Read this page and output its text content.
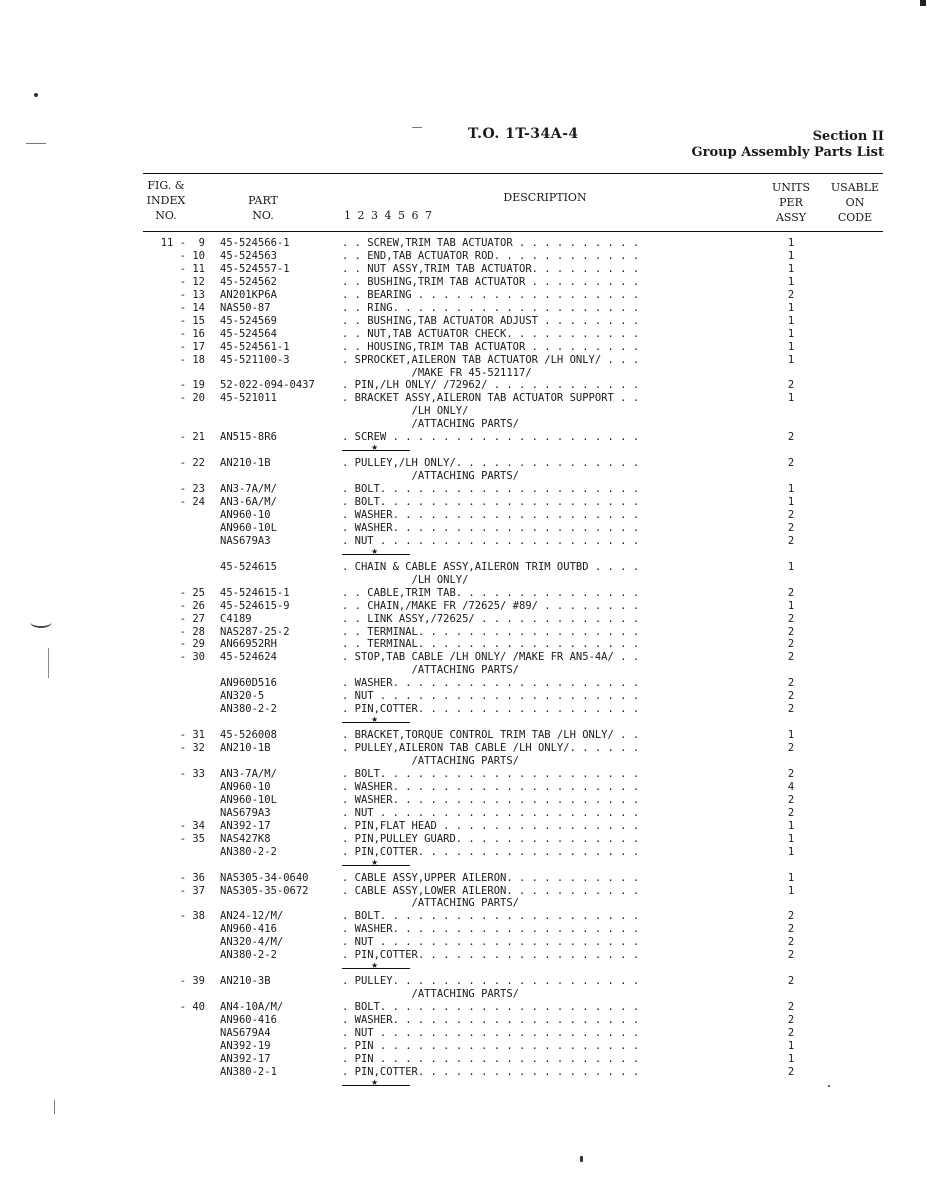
T.O. 1T-34A-4	Section II
Group Assembly Parts List
FIG. &
INDEX
NO.
PART
NO.
DESCRIPTION
1 2 3 4 5 6 7
UNITS
PER
ASSY
USABLE
ON
CODE
11 -  9 45-524566-1	. . SCREW,TRIM TAB ACTUATOR . . . . . . . . . .	1
- 10 45-524563	. . END,TAB ACTUATOR ROD. . . . . . . . . . . .	1
- 11 45-524557-1	. . NUT ASSY,TRIM TAB ACTUATOR. . . . . . . . .	1
- 12 45-524562	. . BUSHING,TRIM TAB ACTUATOR . . . . . . . . .	1
- 13 AN201KP6A	. . BEARING . . . . . . . . . . . . . . . . . .	2
- 14 NAS50-87	. . RING. . . . . . . . . . . . . . . . . . . .	1
- 15 45-524569	. . BUSHING,TAB ACTUATOR ADJUST . . . . . . . .	1
- 16 45-524564	. . NUT,TAB ACTUATOR CHECK. . . . . . . . . . .	1
- 17 45-524561-1	. . HOUSING,TRIM TAB ACTUATOR . . . . . . . . .	1
- 18 45-521100-3	. SPROCKET,AILERON TAB ACTUATOR /LH ONLY/ . . .	1
/MAKE FR 45-521117/
- 19 52-022-094-0437	. PIN,/LH ONLY/ /72962/ . . . . . . . . . . . .	2
- 20 45-521011	. BRACKET ASSY,AILERON TAB ACTUATOR SUPPORT . .	1
/LH ONLY/
/ATTACHING PARTS/
- 21 AN515-8R6	. SCREW . . . . . . . . . . . . . . . . . . . .	2
★
- 22 AN210-1B	. PULLEY,/LH ONLY/. . . . . . . . . . . . . . .	2
/ATTACHING PARTS/
- 23 AN3-7A/M/	. BOLT. . . . . . . . . . . . . . . . . . . . .	1
- 24 AN3-6A/M/	. BOLT. . . . . . . . . . . . . . . . . . . . .	1
AN960-10	. WASHER. . . . . . . . . . . . . . . . . . . .	2
AN960-10L	. WASHER. . . . . . . . . . . . . . . . . . . .	2
NAS679A3	. NUT . . . . . . . . . . . . . . . . . . . . .	2
★
45-524615	. CHAIN & CABLE ASSY,AILERON TRIM OUTBD . . . .	1
/LH ONLY/
- 25 45-524615-1	. . CABLE,TRIM TAB. . . . . . . . . . . . . . .	2
- 26 45-524615-9	. . CHAIN,/MAKE FR /72625/ #89/ . . . . . . . .	1
- 27 C4189	. . LINK ASSY,/72625/ . . . . . . . . . . . . .	2
- 28 NAS287-25-2	. . TERMINAL. . . . . . . . . . . . . . . . . .	2
- 29 AN66952RH	. . TERMINAL. . . . . . . . . . . . . . . . . .	2
- 30 45-524624	. STOP,TAB CABLE /LH ONLY/ /MAKE FR AN5-4A/ . .	2
/ATTACHING PARTS/
AN960D516	. WASHER. . . . . . . . . . . . . . . . . . . .	2
AN320-5	. NUT . . . . . . . . . . . . . . . . . . . . .	2
AN380-2-2	. PIN,COTTER. . . . . . . . . . . . . . . . . .	2
★
- 31 45-526008	. BRACKET,TORQUE CONTROL TRIM TAB /LH ONLY/ . .	1
- 32 AN210-1B	. PULLEY,AILERON TAB CABLE /LH ONLY/. . . . . .	2
/ATTACHING PARTS/
- 33 AN3-7A/M/	. BOLT. . . . . . . . . . . . . . . . . . . . .	2
AN960-10	. WASHER. . . . . . . . . . . . . . . . . . . .	4
AN960-10L	. WASHER. . . . . . . . . . . . . . . . . . . .	2
NAS679A3	. NUT . . . . . . . . . . . . . . . . . . . . .	2
- 34 AN392-17	. PIN,FLAT HEAD . . . . . . . . . . . . . . . .	1
- 35 NAS427K8	. PIN,PULLEY GUARD. . . . . . . . . . . . . . .	1
AN380-2-2	. PIN,COTTER. . . . . . . . . . . . . . . . . .	1
★
- 36 NAS305-34-0640	. CABLE ASSY,UPPER AILERON. . . . . . . . . . .	1
- 37 NAS305-35-0672	. CABLE ASSY,LOWER AILERON. . . . . . . . . . .	1
/ATTACHING PARTS/
- 38 AN24-12/M/	. BOLT. . . . . . . . . . . . . . . . . . . . .	2
AN960-416	. WASHER. . . . . . . . . . . . . . . . . . . .	2
AN320-4/M/	. NUT . . . . . . . . . . . . . . . . . . . . .	2
AN380-2-2	. PIN,COTTER. . . . . . . . . . . . . . . . . .	2
★
- 39 AN210-3B	. PULLEY. . . . . . . . . . . . . . . . . . . .	2
/ATTACHING PARTS/
- 40 AN4-10A/M/	. BOLT. . . . . . . . . . . . . . . . . . . . .	2
AN960-416	. WASHER. . . . . . . . . . . . . . . . . . . .	2
NAS679A4	. NUT . . . . . . . . . . . . . . . . . . . . .	2
AN392-19	. PIN . . . . . . . . . . . . . . . . . . . . .	1
AN392-17	. PIN . . . . . . . . . . . . . . . . . . . . .	1
AN380-2-1	. PIN,COTTER. . . . . . . . . . . . . . . . . .	2
★
